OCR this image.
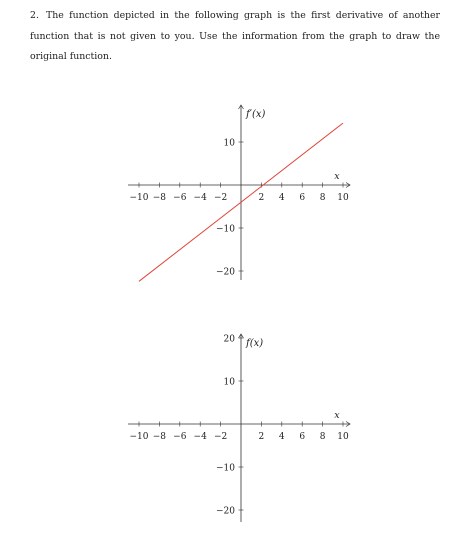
2. The function depicted in the following graph is the first derivative of another function that is not given to you. Use the information from the graph to draw the original function.

−10 −8 −6 −4 −2	2 4 6 8 10
−20
−10
10
f′(x)
x
−10 −8 −6 −4 −2	2 4 6 8 10
−20
−10
10
20 f(x)
x
